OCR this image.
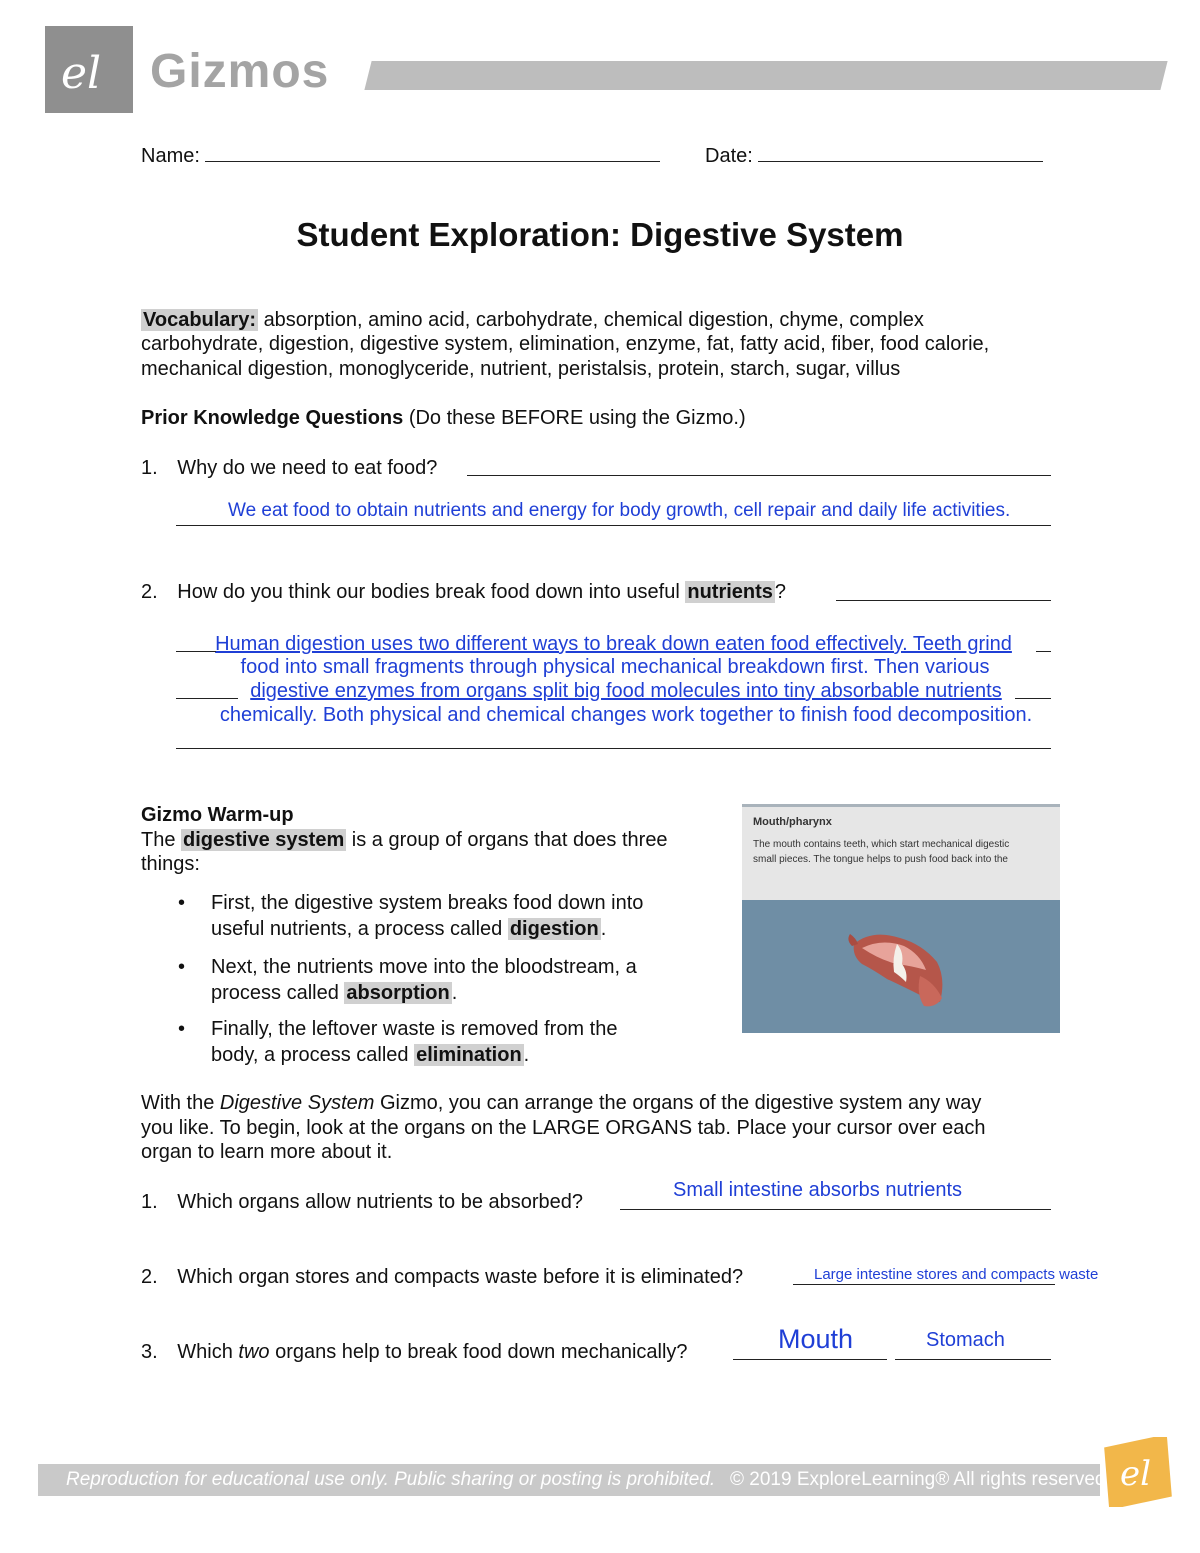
el Gizmos
Name:	Date:
Student Exploration: Digestive System
Vocabulary: absorption, amino acid, carbohydrate, chemical digestion, chyme, complex
carbohydrate, digestion, digestive system, elimination, enzyme, fat, fatty acid, fiber, food calorie,
mechanical digestion, monoglyceride, nutrient, peristalsis, protein, starch, sugar, villus
Prior Knowledge Questions (Do these BEFORE using the Gizmo.)
1. Why do we need to eat food?
We eat food to obtain nutrients and energy for body growth, cell repair and daily life activities.
2. How do you think our bodies break food down into useful nutrients ?
Human digestion uses two different ways to break down eaten food effectively. Teeth grind
food into small fragments through physical mechanical breakdown first. Then various
digestive enzymes from organs split big food molecules into tiny absorbable nutrients
chemically. Both physical and chemical changes work together to finish food decomposition.
Gizmo Warm-up
The digestive system is a group of organs that does three
things:
• First, the digestive system breaks food down into
useful nutrients, a process called digestion .
• Next, the nutrients move into the bloodstream, a
process called absorption .
• Finally, the leftover waste is removed from the
body, a process called elimination .
Mouth/pharynx
The mouth contains teeth, which start mechanical digestic
small pieces. The tongue helps to push food back into the
With the Digestive System Gizmo, you can arrange the organs of the digestive system any way
you like. To begin, look at the organs on the LARGE ORGANS tab. Place your cursor over each
organ to learn more about it.
1. Which organs allow nutrients to be absorbed?
Small intestine absorbs nutrients
2. Which organ stores and compacts waste before it is eliminated?	Large intestine stores and compacts waste
3. Which two organs help to break food down mechanically?	Mouth	Stomach
Reproduction for educational use only. Public sharing or posting is prohibited. © 2019 ExploreLearning® All rights reserved el
